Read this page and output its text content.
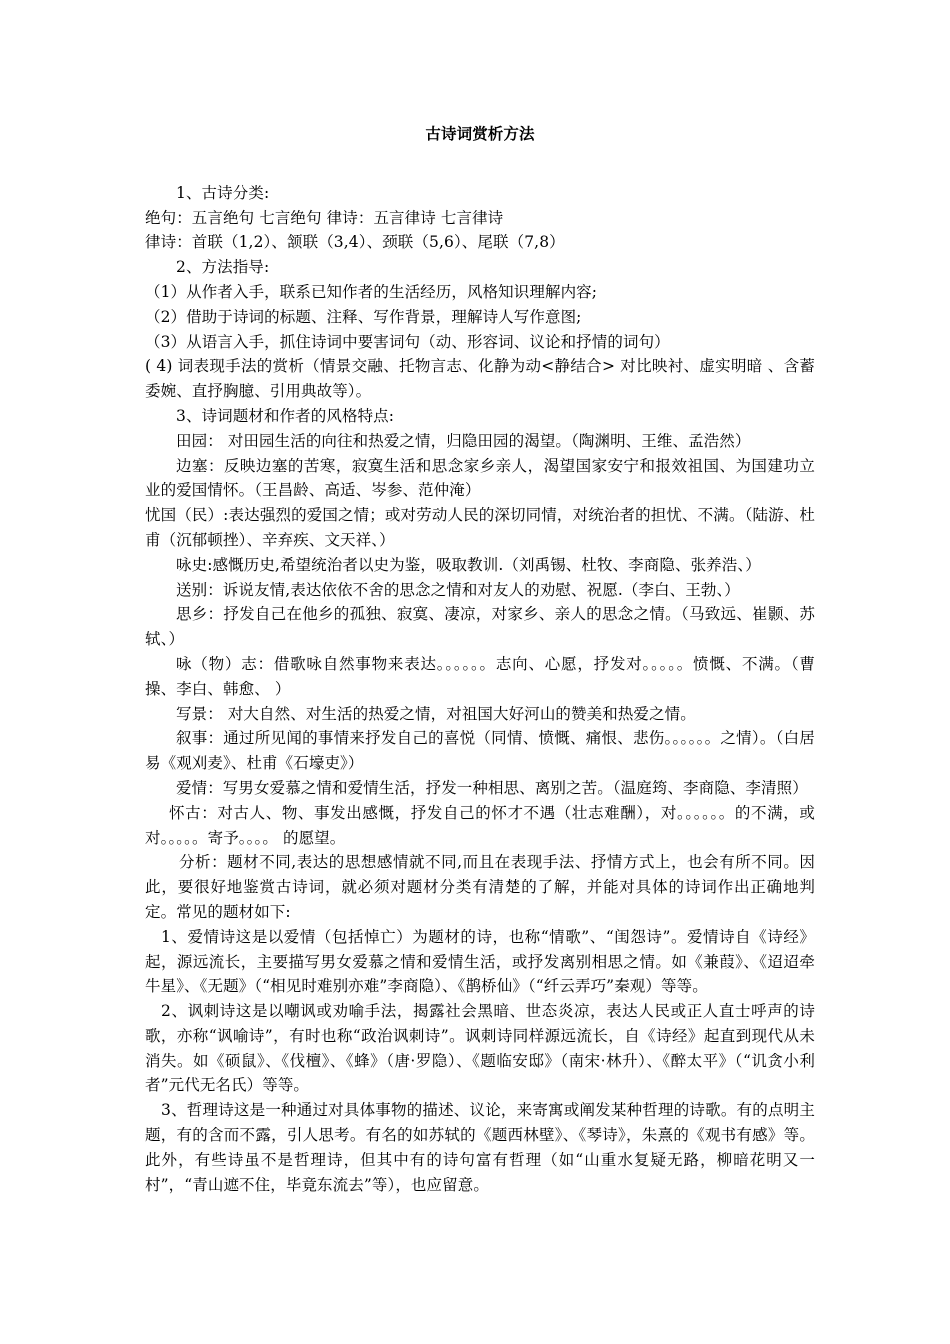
古诗词赏析方法

1、古诗分类:

绝句：五言绝句 七言绝句 律诗：五言律诗 七言律诗

律诗：首联（1,2）、颔联（3,4）、颈联（5,6）、尾联（7,8）

2、方法指导:

（1）从作者入手，联系已知作者的生活经历，风格知识理解内容;

（2）借助于诗词的标题、注释、写作背景，理解诗人写作意图;

（3）从语言入手，抓住诗词中要害词句（动、形容词、议论和抒情的词句）

( 4) 词表现手法的赏析（情景交融、托物言志、化静为动<静结合> 对比映衬、虚实明暗 、含蓄委婉、直抒胸臆、引用典故等）。

3、诗词题材和作者的风格特点:

田园： 对田园生活的向往和热爱之情，归隐田园的渴望。（陶渊明、王维、孟浩然）

边塞：反映边塞的苦寒，寂寞生活和思念家乡亲人，渴望国家安宁和报效祖国、为国建功立业的爱国情怀。（王昌龄、高适、岑参、范仲淹）

忧国（民）:表达强烈的爱国之情；或对劳动人民的深切同情，对统治者的担忧、不满。（陆游、杜甫（沉郁顿挫）、辛弃疾、文天祥、）

咏史:感慨历史,希望统治者以史为鉴，吸取教训.（刘禹锡、杜牧、李商隐、张养浩、）

送别：诉说友情,表达依依不舍的思念之情和对友人的劝慰、祝愿.（李白、王勃、）

思乡：抒发自己在他乡的孤独、寂寞、凄凉，对家乡、亲人的思念之情。（马致远、崔颢、苏轼、）

咏（物）志：借歌咏自然事物来表达。。。。。。志向、心愿，抒发对。。。。。愤慨、不满。（曹操、李白、韩愈、 ）

写景： 对大自然、对生活的热爱之情，对祖国大好河山的赞美和热爱之情。

叙事：通过所见闻的事情来抒发自己的喜悦（同情、愤慨、痛恨、悲伤。。。。。。之情）。（白居易《观刈麦》、杜甫《石壕吏》）

爱情：写男女爱慕之情和爱情生活，抒发一种相思、离别之苦。（温庭筠、李商隐、李清照）

怀古：对古人、物、事发出感慨，抒发自己的怀才不遇（壮志难酬），对。。。。。。的不满，或对。。。。。寄予。。。。 的愿望。

分析：题材不同,表达的思想感情就不同,而且在表现手法、抒情方式上，也会有所不同。因此，要很好地鉴赏古诗词，就必须对题材分类有清楚的了解，并能对具体的诗词作出正确地判定。常见的题材如下:

1、爱情诗这是以爱情（包括悼亡）为题材的诗，也称“情歌”、“闺怨诗”。爱情诗自《诗经》起，源远流长，主要描写男女爱慕之情和爱情生活，或抒发离别相思之情。如《兼葭》、《迢迢牵牛星》、《无题》（“相见时难别亦难”李商隐）、《鹊桥仙》（“纤云弄巧”秦观）等等。

2、讽刺诗这是以嘲讽或劝喻手法，揭露社会黑暗、世态炎凉，表达人民或正人直士呼声的诗歌，亦称“讽喻诗”，有时也称“政治讽刺诗”。讽刺诗同样源远流长，自《诗经》起直到现代从未消失。如《硕鼠》、《伐檀》、《蜂》（唐·罗隐）、《题临安邸》（南宋·林升）、《醉太平》（“讥贪小利者”元代无名氏）等等。

3、哲理诗这是一种通过对具体事物的描述、议论，来寄寓或阐发某种哲理的诗歌。有的点明主题，有的含而不露，引人思考。有名的如苏轼的《题西林壁》、《琴诗》，朱熹的《观书有感》等。此外，有些诗虽不是哲理诗，但其中有的诗句富有哲理（如“山重水复疑无路，柳暗花明又一村”，“青山遮不住，毕竟东流去”等），也应留意。
